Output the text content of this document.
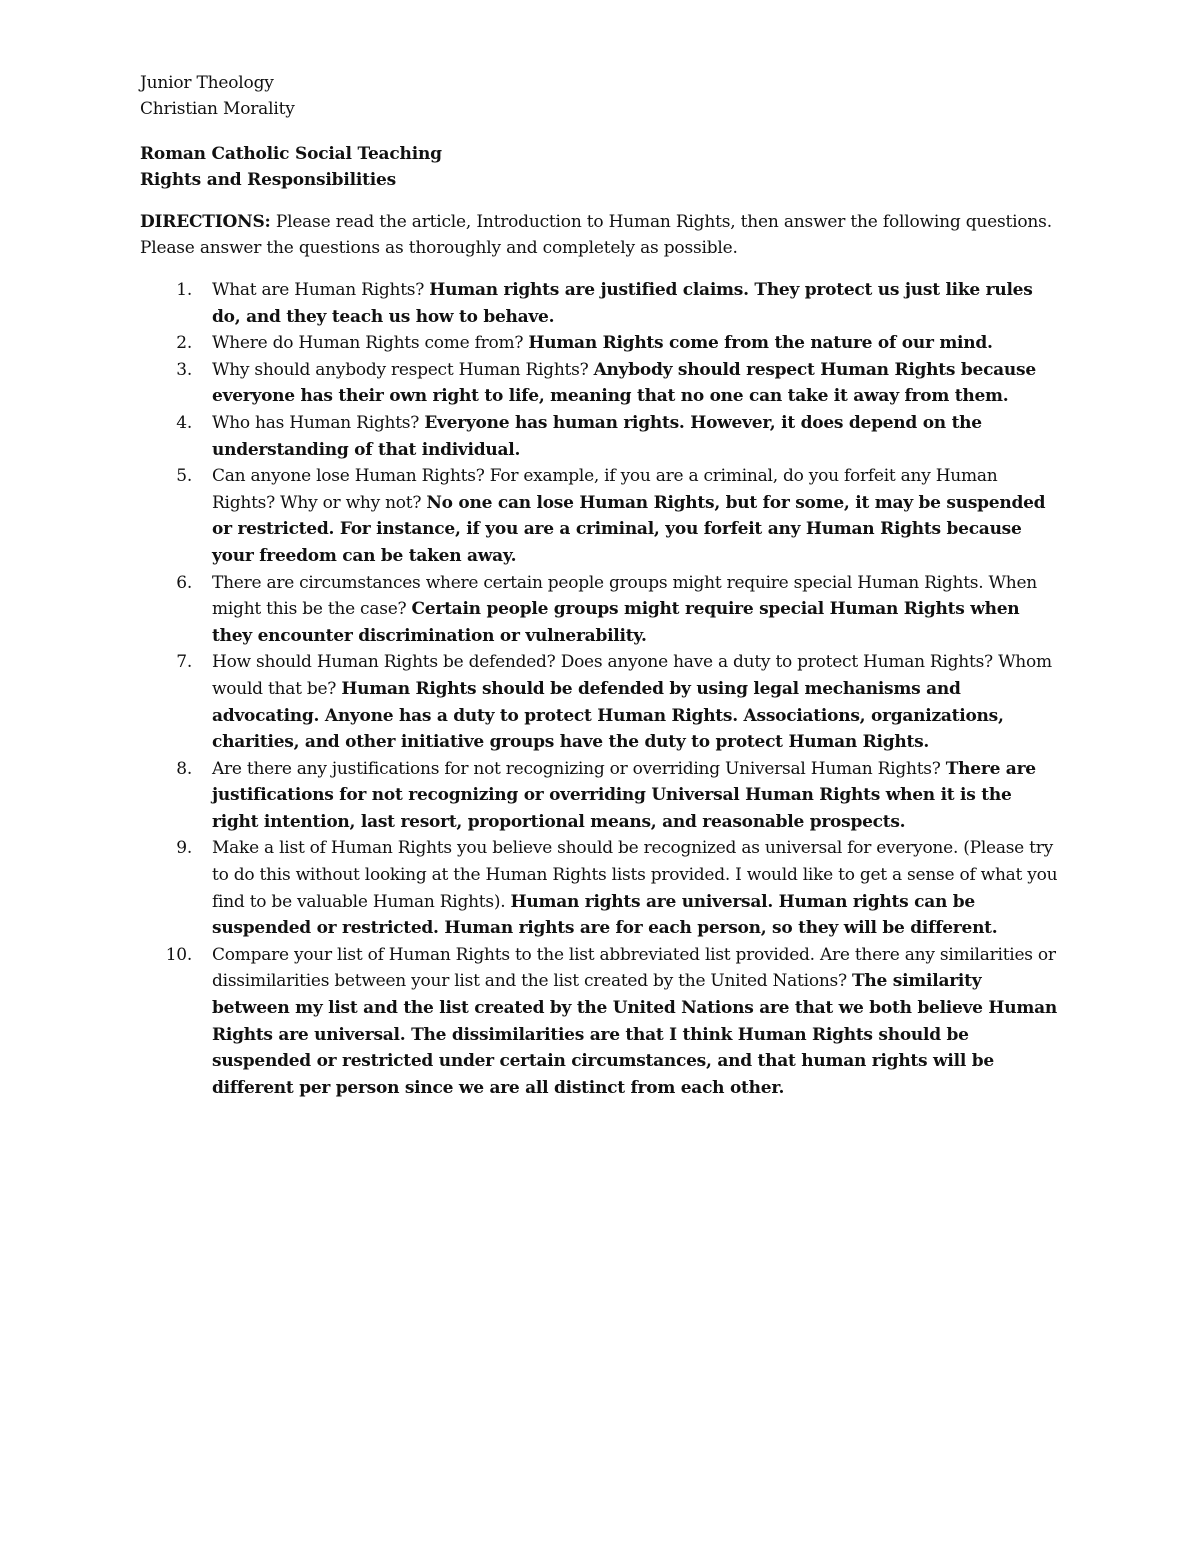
Junior Theology
Christian Morality
Roman Catholic Social Teaching
Rights and Responsibilities

DIRECTIONS: Please read the article, Introduction to Human Rights, then answer the following questions. Please answer the questions as thoroughly and completely as possible.

1. What are Human Rights? Human rights are justified claims. They protect us just like rules do, and they teach us how to behave.
2. Where do Human Rights come from? Human Rights come from the nature of our mind.
3. Why should anybody respect Human Rights? Anybody should respect Human Rights because everyone has their own right to life, meaning that no one can take it away from them.
4. Who has Human Rights? Everyone has human rights. However, it does depend on the understanding of that individual.
5. Can anyone lose Human Rights? For example, if you are a criminal, do you forfeit any Human Rights? Why or why not? No one can lose Human Rights, but for some, it may be suspended or restricted. For instance, if you are a criminal, you forfeit any Human Rights because your freedom can be taken away.
6. There are circumstances where certain people groups might require special Human Rights. When might this be the case? Certain people groups might require special Human Rights when they encounter discrimination or vulnerability.
7. How should Human Rights be defended? Does anyone have a duty to protect Human Rights? Whom would that be? Human Rights should be defended by using legal mechanisms and advocating. Anyone has a duty to protect Human Rights. Associations, organizations, charities, and other initiative groups have the duty to protect Human Rights.
8. Are there any justifications for not recognizing or overriding Universal Human Rights? There are justifications for not recognizing or overriding Universal Human Rights when it is the right intention, last resort, proportional means, and reasonable prospects.
9. Make a list of Human Rights you believe should be recognized as universal for everyone. (Please try to do this without looking at the Human Rights lists provided. I would like to get a sense of what you find to be valuable Human Rights). Human rights are universal. Human rights can be suspended or restricted. Human rights are for each person, so they will be different.
10. Compare your list of Human Rights to the list abbreviated list provided. Are there any similarities or dissimilarities between your list and the list created by the United Nations? The similarity between my list and the list created by the United Nations are that we both believe Human Rights are universal. The dissimilarities are that I think Human Rights should be suspended or restricted under certain circumstances, and that human rights will be different per person since we are all distinct from each other.
